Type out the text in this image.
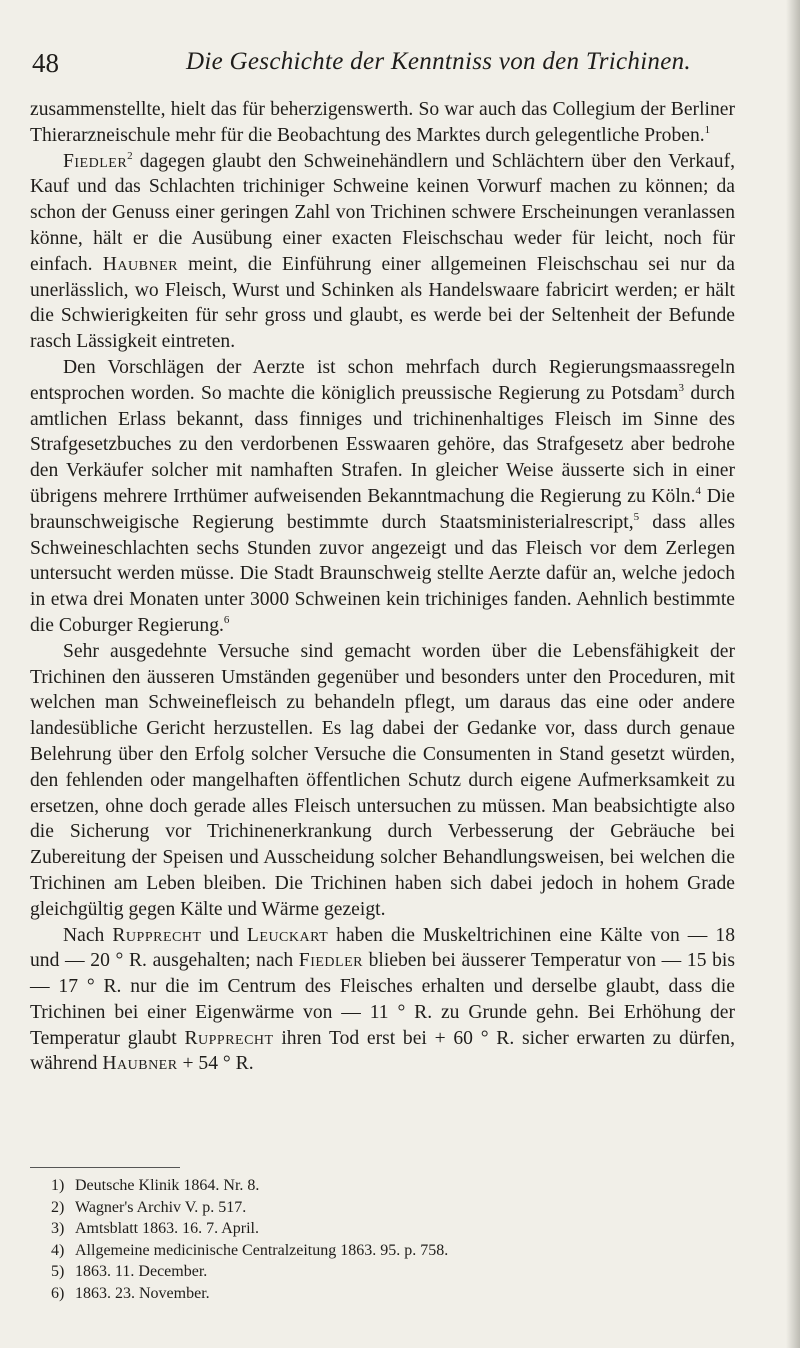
48	Die Geschichte der Kenntniss von den Trichinen.

zusammenstellte, hielt das für beherzigenswerth. So war auch das Collegium der Berliner Thierarzneischule mehr für die Beobachtung des Marktes durch gelegentliche Proben.$^1$

Fiedler$^2$ dagegen glaubt den Schweinehändlern und Schlächtern über den Verkauf, Kauf und das Schlachten trichiniger Schweine keinen Vorwurf machen zu können; da schon der Genuss einer geringen Zahl von Trichinen schwere Erscheinungen veranlassen könne, hält er die Ausübung einer exacten Fleischschau weder für leicht, noch für einfach. Haubner meint, die Einführung einer allgemeinen Fleischschau sei nur da unerlässlich, wo Fleisch, Wurst und Schinken als Handelswaare fabricirt werden; er hält die Schwierigkeiten für sehr gross und glaubt, es werde bei der Seltenheit der Befunde rasch Lässigkeit eintreten.

Den Vorschlägen der Aerzte ist schon mehrfach durch Regierungsmaassregeln entsprochen worden. So machte die königlich preussische Regierung zu Potsdam$^3$ durch amtlichen Erlass bekannt, dass finniges und trichinenhaltiges Fleisch im Sinne des Strafgesetzbuches zu den verdorbenen Esswaaren gehöre, das Strafgesetz aber bedrohe den Verkäufer solcher mit namhaften Strafen. In gleicher Weise äusserte sich in einer übrigens mehrere Irrthümer aufweisenden Bekanntmachung die Regierung zu Köln.$^4$ Die braunschweigische Regierung bestimmte durch Staatsministerialrescript,$^5$ dass alles Schweineschlachten sechs Stunden zuvor angezeigt und das Fleisch vor dem Zerlegen untersucht werden müsse. Die Stadt Braunschweig stellte Aerzte dafür an, welche jedoch in etwa drei Monaten unter 3000 Schweinen kein trichiniges fanden. Aehnlich bestimmte die Coburger Regierung.$^6$

Sehr ausgedehnte Versuche sind gemacht worden über die Lebensfähigkeit der Trichinen den äusseren Umständen gegenüber und besonders unter den Proceduren, mit welchen man Schweinefleisch zu behandeln pflegt, um daraus das eine oder andere landesübliche Gericht herzustellen. Es lag dabei der Gedanke vor, dass durch genaue Belehrung über den Erfolg solcher Versuche die Consumenten in Stand gesetzt würden, den fehlenden oder mangelhaften öffentlichen Schutz durch eigene Aufmerksamkeit zu ersetzen, ohne doch gerade alles Fleisch untersuchen zu müssen. Man beabsichtigte also die Sicherung vor Trichinenerkrankung durch Verbesserung der Gebräuche bei Zubereitung der Speisen und Ausscheidung solcher Behandlungsweisen, bei welchen die Trichinen am Leben bleiben. Die Trichinen haben sich dabei jedoch in hohem Grade gleichgültig gegen Kälte und Wärme gezeigt.

Nach Rupprecht und Leuckart haben die Muskeltrichinen eine Kälte von — 18 und — 20 ° R. ausgehalten; nach Fiedler blieben bei äusserer Temperatur von — 15 bis — 17 ° R. nur die im Centrum des Fleisches erhalten und derselbe glaubt, dass die Trichinen bei einer Eigenwärme von — 11 ° R. zu Grunde gehn. Bei Erhöhung der Temperatur glaubt Rupprecht ihren Tod erst bei + 60 ° R. sicher erwarten zu dürfen, während Haubner + 54 ° R.

1) Deutsche Klinik 1864. Nr. 8.
2) Wagner's Archiv V. p. 517.
3) Amtsblatt 1863. 16. 7. April.
4) Allgemeine medicinische Centralzeitung 1863. 95. p. 758.
5) 1863. 11. December.
6) 1863. 23. November.
